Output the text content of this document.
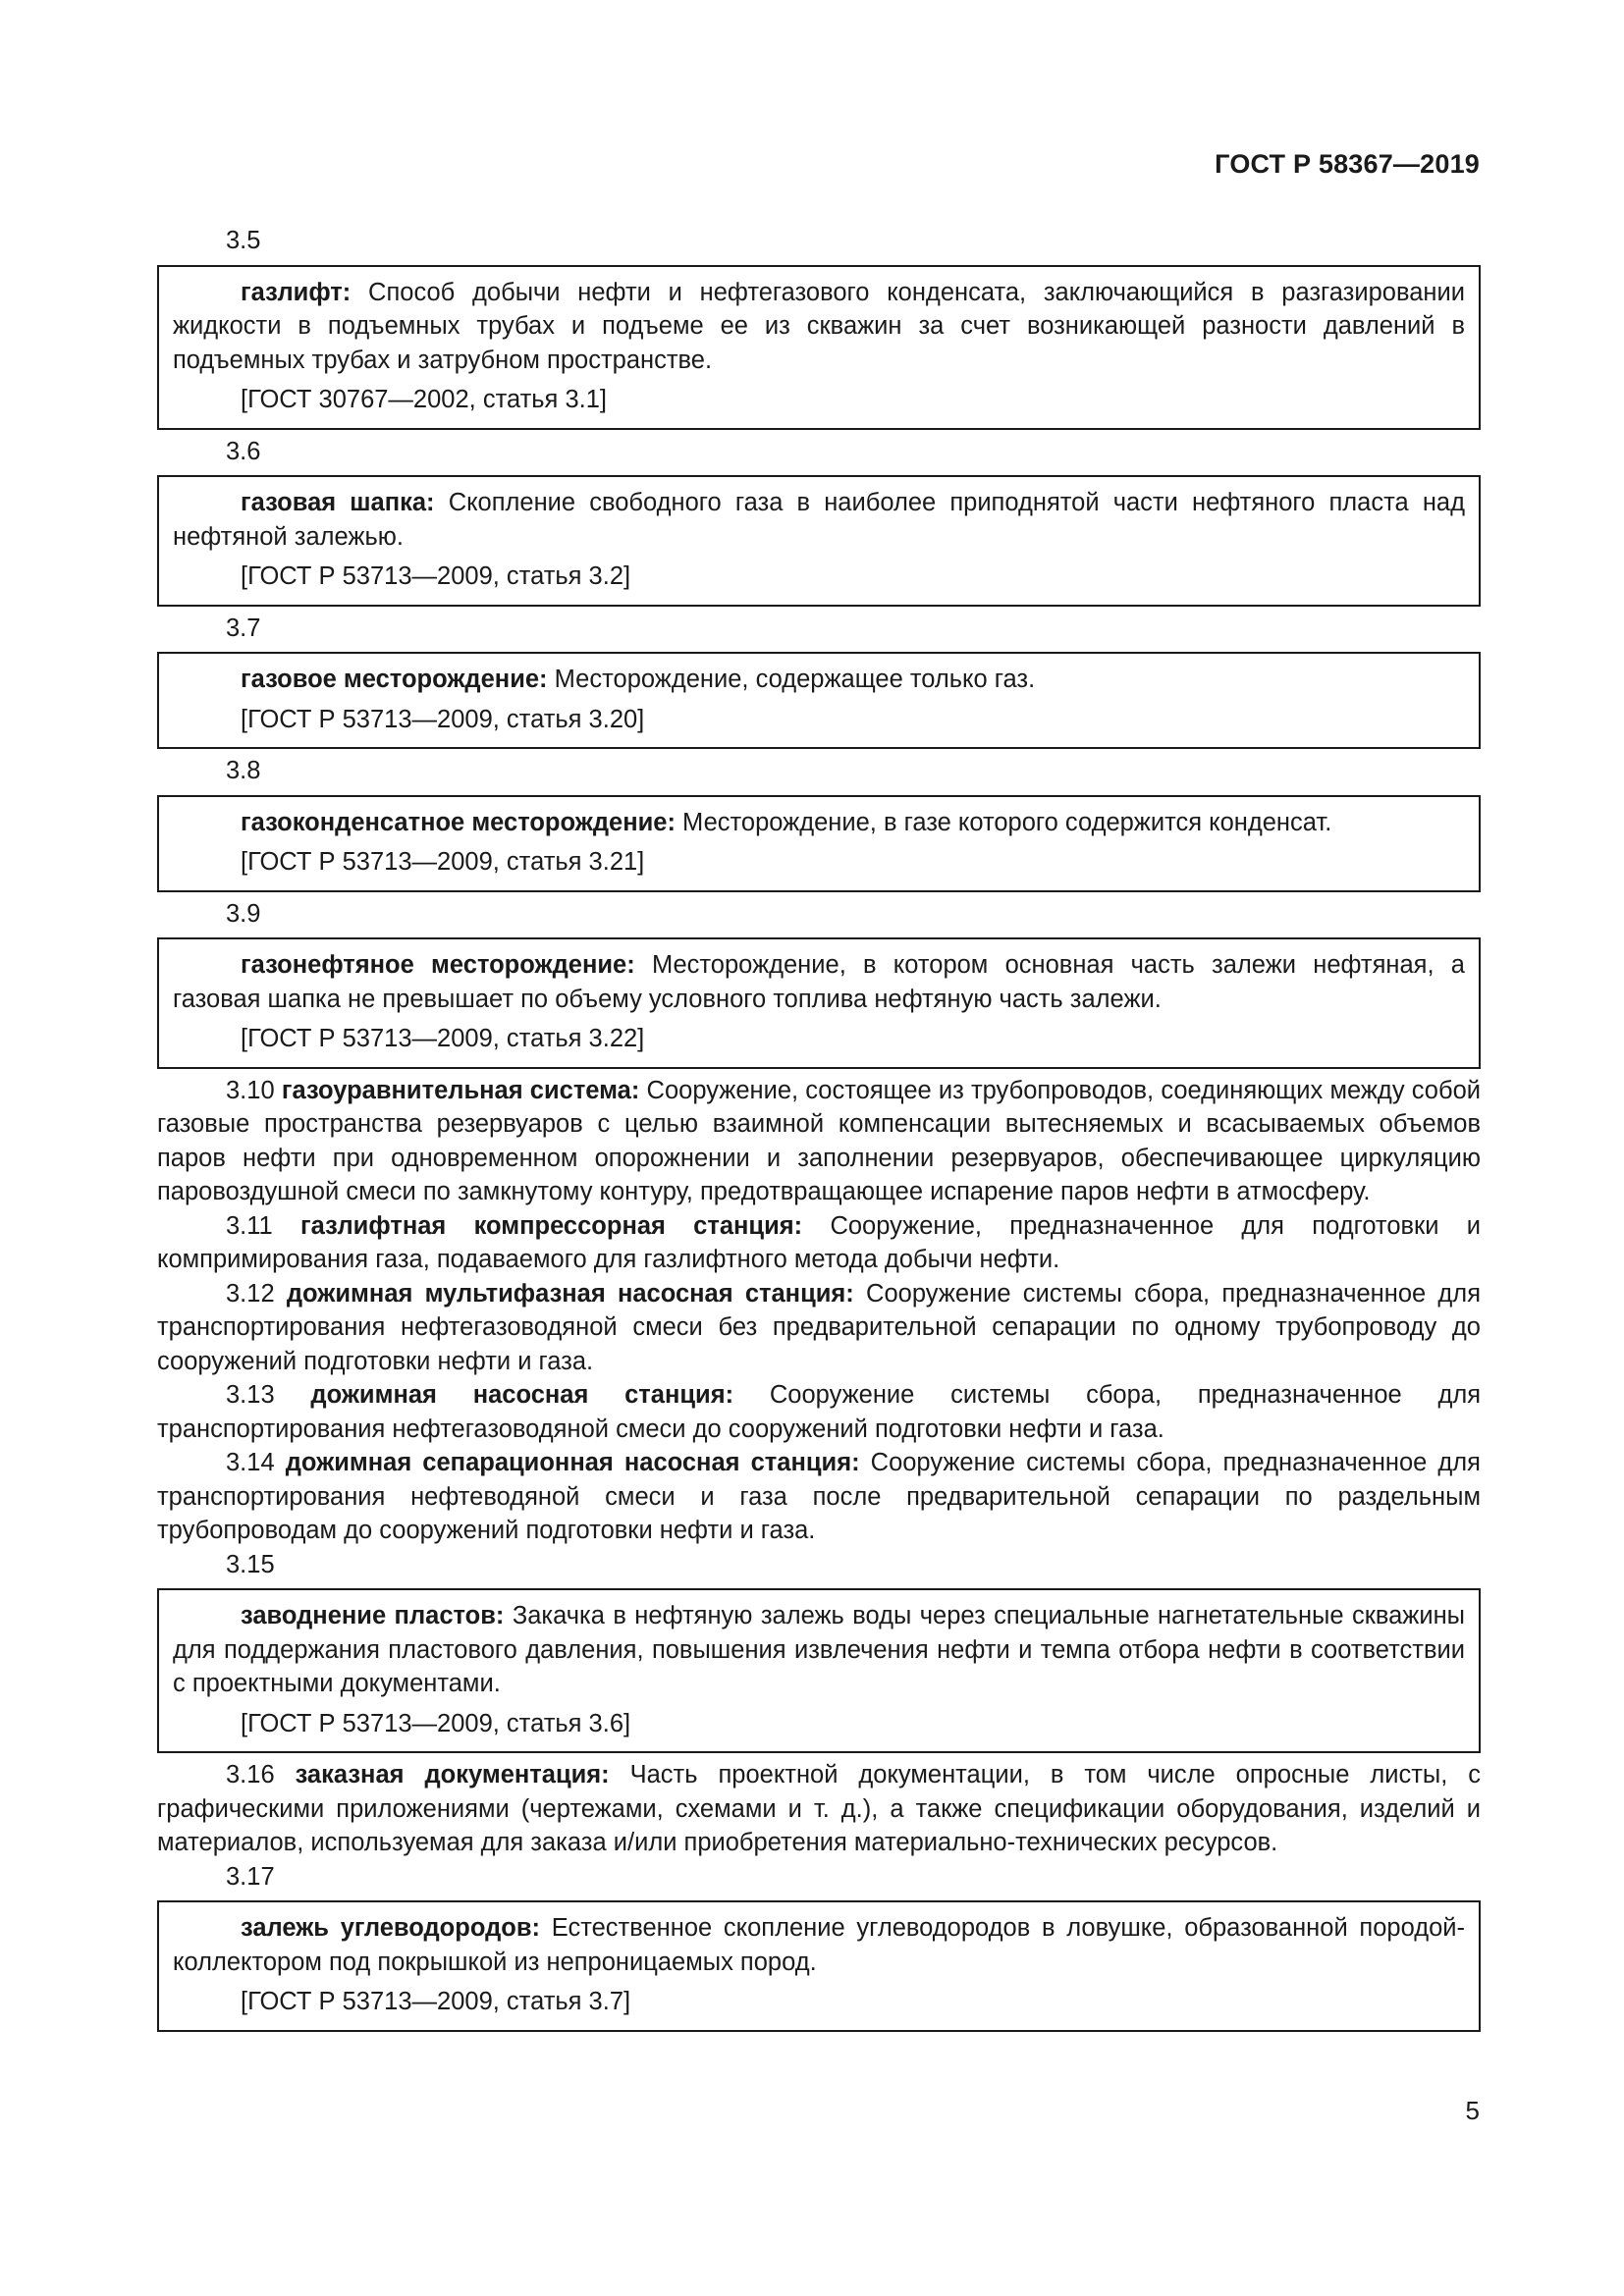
ГОСТ Р 58367—2019
3.5

газлифт: Способ добычи нефти и нефтегазового конденсата, заключающийся в разгазировании жидкости в подъемных трубах и подъеме ее из скважин за счет возникающей разности давлений в подъемных трубах и затрубном пространстве.

[ГОСТ 30767—2002, статья 3.1]

3.6

газовая шапка: Скопление свободного газа в наиболее приподнятой части нефтяного пласта над нефтяной залежью.

[ГОСТ Р 53713—2009, статья 3.2]

3.7

газовое месторождение: Месторождение, содержащее только газ.

[ГОСТ Р 53713—2009, статья 3.20]

3.8

газоконденсатное месторождение: Месторождение, в газе которого содержится конденсат.

[ГОСТ Р 53713—2009, статья 3.21]

3.9

газонефтяное месторождение: Месторождение, в котором основная часть залежи нефтяная, а газовая шапка не превышает по объему условного топлива нефтяную часть залежи.

[ГОСТ Р 53713—2009, статья 3.22]

3.10 газоуравнительная система: Сооружение, состоящее из трубопроводов, соединяющих между собой газовые пространства резервуаров с целью взаимной компенсации вытесняемых и всасываемых объемов паров нефти при одновременном опорожнении и заполнении резервуаров, обеспечивающее циркуляцию паровоздушной смеси по замкнутому контуру, предотвращающее испарение паров нефти в атмосферу.

3.11 газлифтная компрессорная станция: Сооружение, предназначенное для подготовки и компримирования газа, подаваемого для газлифтного метода добычи нефти.

3.12 дожимная мультифазная насосная станция: Сооружение системы сбора, предназначенное для транспортирования нефтегазоводяной смеси без предварительной сепарации по одному трубопроводу до сооружений подготовки нефти и газа.

3.13 дожимная насосная станция: Сооружение системы сбора, предназначенное для транспортирования нефтегазоводяной смеси до сооружений подготовки нефти и газа.

3.14 дожимная сепарационная насосная станция: Сооружение системы сбора, предназначенное для транспортирования нефтеводяной смеси и газа после предварительной сепарации по раздельным трубопроводам до сооружений подготовки нефти и газа.

3.15

заводнение пластов: Закачка в нефтяную залежь воды через специальные нагнетательные скважины для поддержания пластового давления, повышения извлечения нефти и темпа отбора нефти в соответствии с проектными документами.

[ГОСТ Р 53713—2009, статья 3.6]

3.16 заказная документация: Часть проектной документации, в том числе опросные листы, с графическими приложениями (чертежами, схемами и т. д.), а также спецификации оборудования, изделий и материалов, используемая для заказа и/или приобретения материально-технических ресурсов.

3.17

залежь углеводородов: Естественное скопление углеводородов в ловушке, образованной породой-коллектором под покрышкой из непроницаемых пород.

[ГОСТ Р 53713—2009, статья 3.7]

5
